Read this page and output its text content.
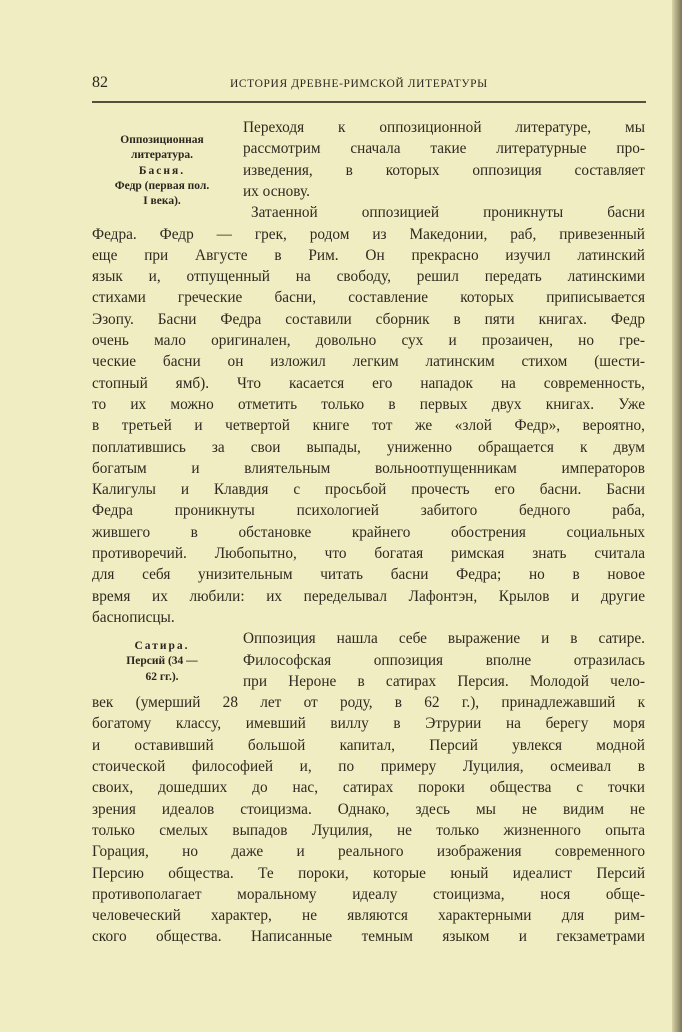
82	ИСТОРИЯ ДРЕВНЕ-РИМСКОЙ ЛИТЕРАТУРЫ
Оппозиционная
литература.
Басня.
Федр (первая пол.
I века).
Сатира.
Персий (34 —
62 гг.).
Переходя к оппозиционной литературе, мы
рассмотрим сначала такие литературные про-
изведения, в которых оппозиция составляет
их основу.
Затаенной оппозицией проникнуты басни
Федра. Федр — грек, родом из Македонии, раб, привезенный
еще при Августе в Рим. Он прекрасно изучил латинский
язык и, отпущенный на свободу, решил передать латинскими
стихами греческие басни, составление которых приписывается
Эзопу. Басни Федра составили сборник в пяти книгах. Федр
очень мало оригинален, довольно сух и прозаичен, но гре-
ческие басни он изложил легким латинским стихом (шести-
стопный ямб). Что касается его нападок на современность,
то их можно отметить только в первых двух книгах. Уже
в третьей и четвертой книге тот же «злой Федр», вероятно,
поплатившись за свои выпады, униженно обращается к двум
богатым и влиятельным вольноотпущенникам императоров
Калигулы и Клавдия с просьбой прочесть его басни. Басни
Федра проникнуты психологией забитого бедного раба,
жившего в обстановке крайнего обострения социальных
противоречий. Любопытно, что богатая римская знать считала
для себя унизительным читать басни Федра; но в новое
время их любили: их переделывал Лафонтэн, Крылов и другие
баснописцы.
Оппозиция нашла себе выражение и в сатире.
Философская оппозиция вполне отразилась
при Нероне в сатирах Персия. Молодой чело-
век (умерший 28 лет от роду, в 62 г.), принадлежавший к
богатому классу, имевший виллу в Этрурии на берегу моря
и оставивший большой капитал, Персий увлекся модной
стоической философией и, по примеру Луцилия, осмеивал в
своих, дошедших до нас, сатирах пороки общества с точки
зрения идеалов стоицизма. Однако, здесь мы не видим не
только смелых выпадов Луцилия, не только жизненного опыта
Горация, но даже и реального изображения современного
Персию общества. Те пороки, которые юный идеалист Персий
противополагает моральному идеалу стоицизма, нося обще-
человеческий характер, не являются характерными для рим-
ского общества. Написанные темным языком и гекзаметрами
